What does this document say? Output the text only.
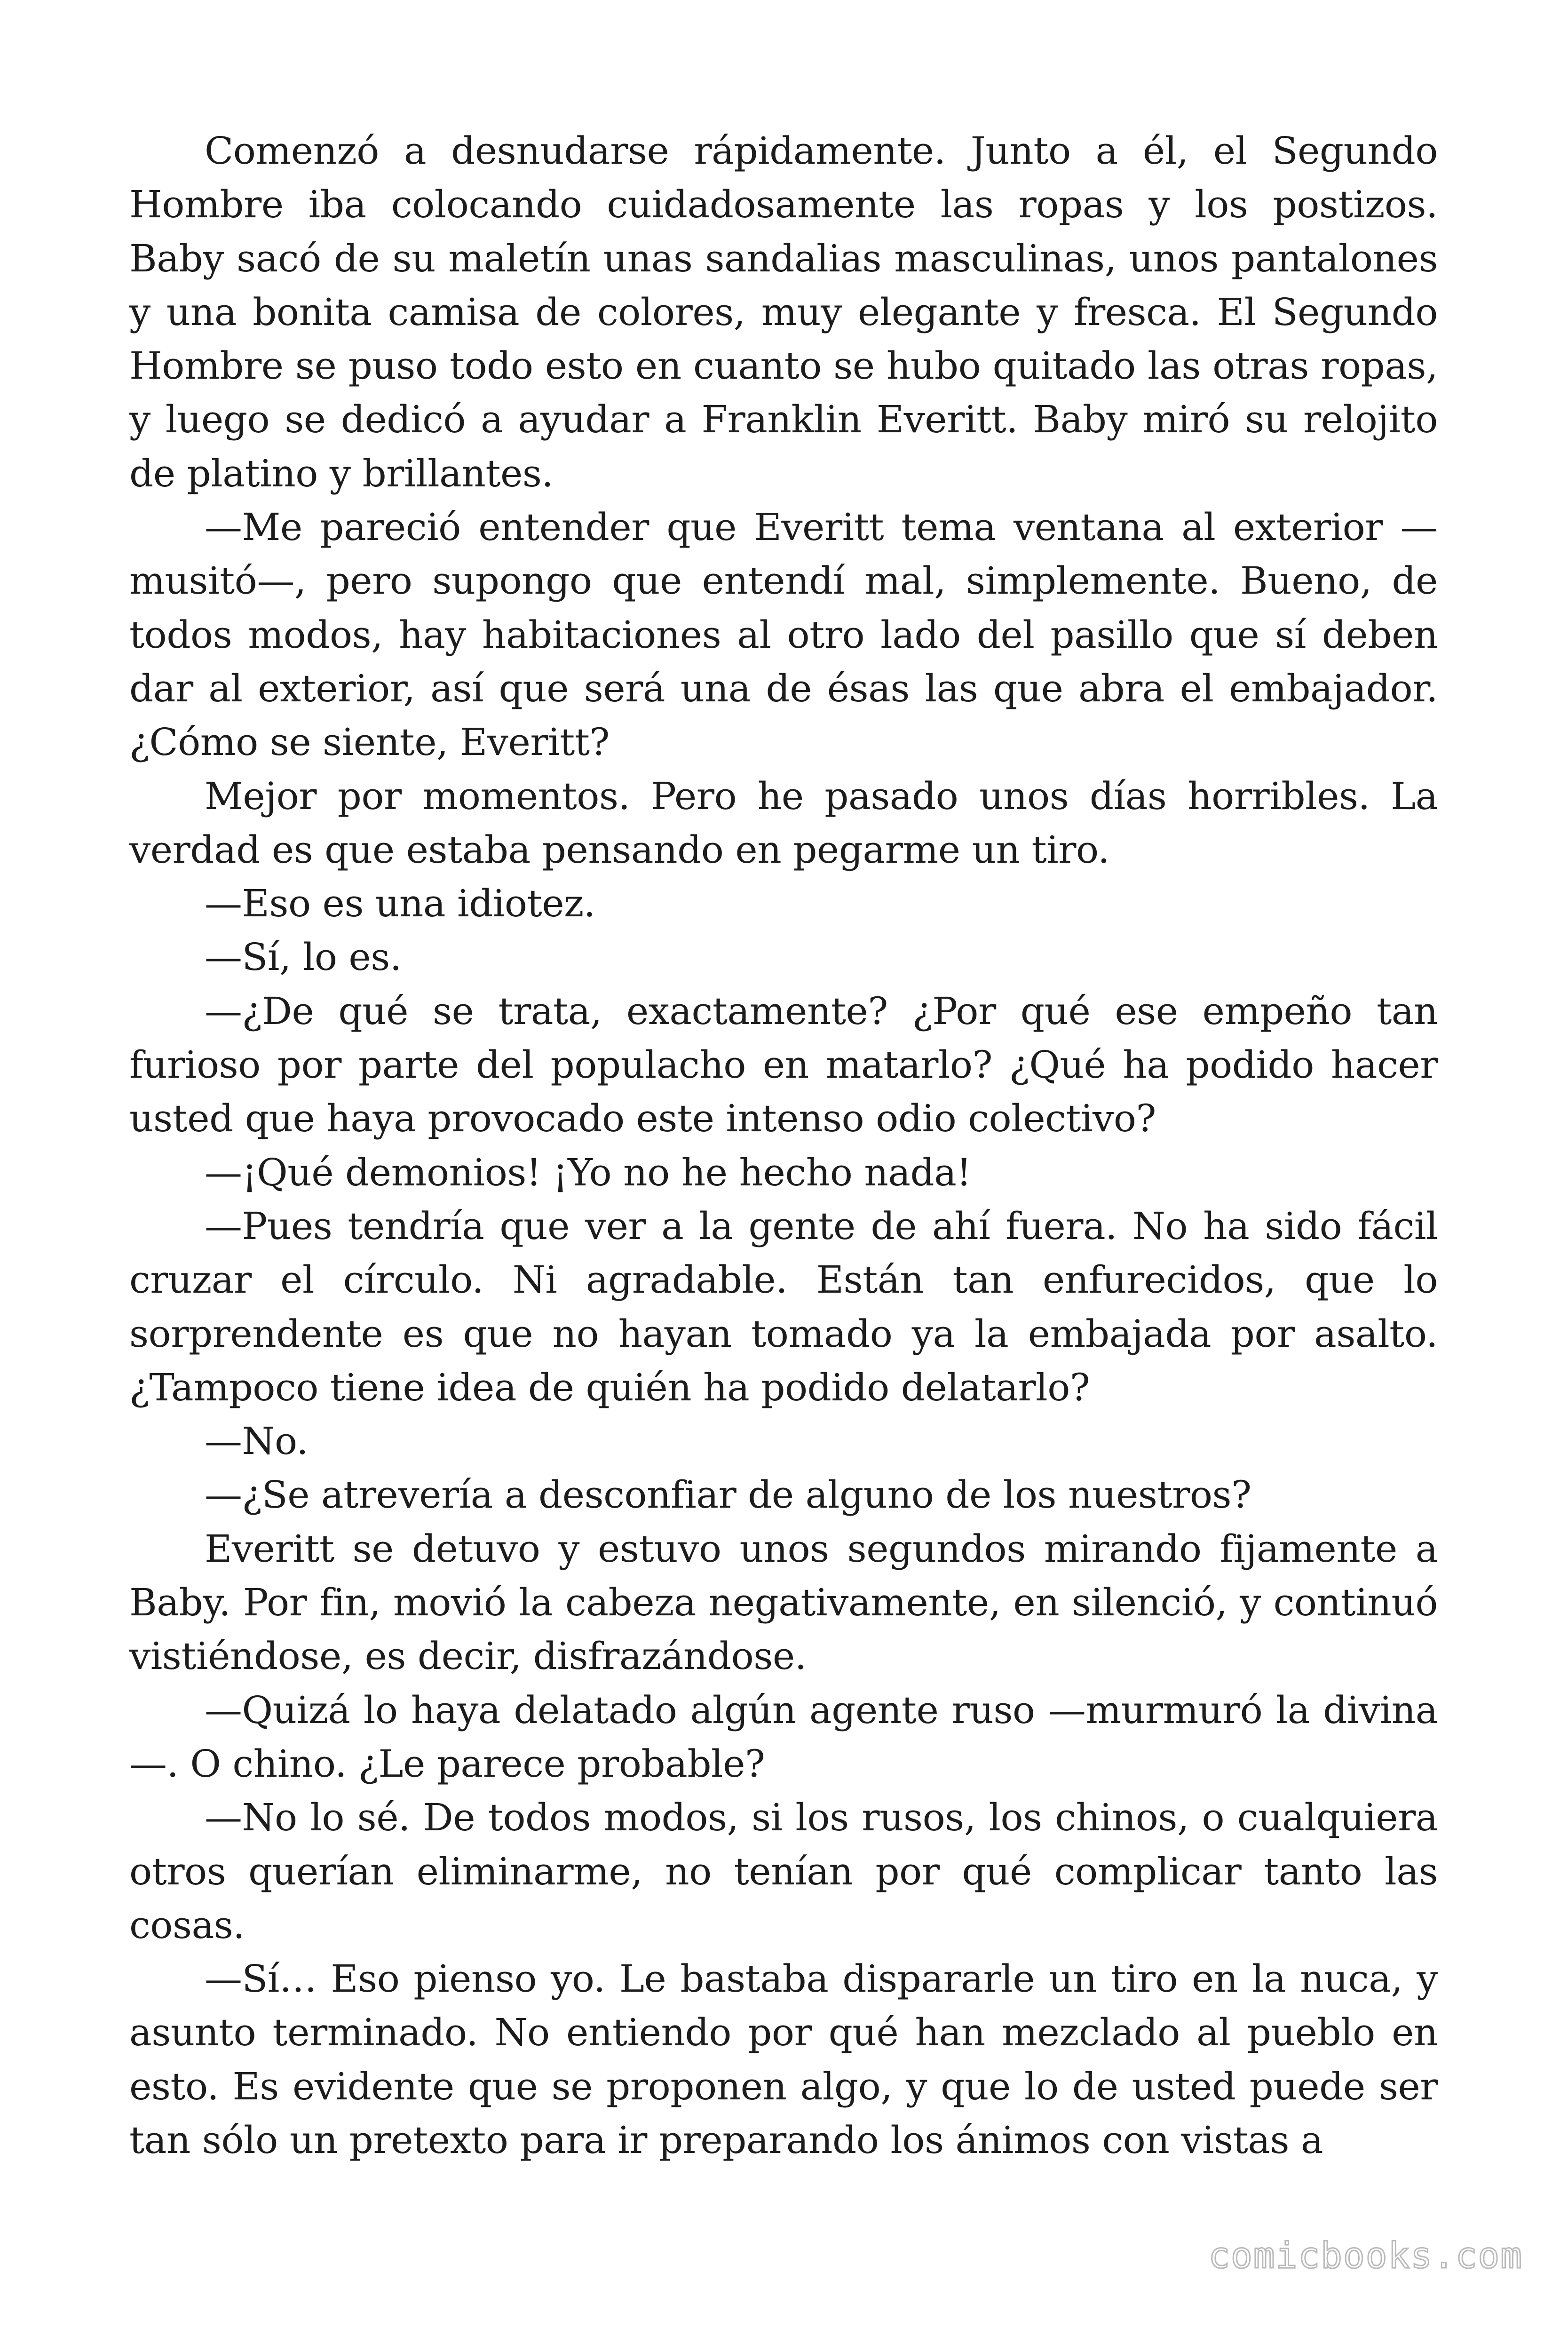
Comenzó a desnudarse rápidamente. Junto a él, el Segundo Hombre iba colocando cuidadosamente las ropas y los postizos. Baby sacó de su maletín unas sandalias masculinas, unos pantalones y una bonita camisa de colores, muy elegante y fresca. El Segundo Hombre se puso todo esto en cuanto se hubo quitado las otras ropas, y luego se dedicó a ayudar a Franklin Everitt. Baby miró su relojito de platino y brillantes.

—Me pareció entender que Everitt tema ventana al exterior —musitó—, pero supongo que entendí mal, simplemente. Bueno, de todos modos, hay habitaciones al otro lado del pasillo que sí deben dar al exterior, así que será una de ésas las que abra el embajador. ¿Cómo se siente, Everitt?

Mejor por momentos. Pero he pasado unos días horribles. La verdad es que estaba pensando en pegarme un tiro.

—Eso es una idiotez.

—Sí, lo es.

—¿De qué se trata, exactamente? ¿Por qué ese empeño tan furioso por parte del populacho en matarlo? ¿Qué ha podido hacer usted que haya provocado este intenso odio colectivo?

—¡Qué demonios! ¡Yo no he hecho nada!

—Pues tendría que ver a la gente de ahí fuera. No ha sido fácil cruzar el círculo. Ni agradable. Están tan enfurecidos, que lo sorprendente es que no hayan tomado ya la embajada por asalto. ¿Tampoco tiene idea de quién ha podido delatarlo?

—No.

—¿Se atrevería a desconfiar de alguno de los nuestros?

Everitt se detuvo y estuvo unos segundos mirando fijamente a Baby. Por fin, movió la cabeza negativamente, en silenció, y continuó vistiéndose, es decir, disfrazándose.

—Quizá lo haya delatado algún agente ruso —murmuró la divina—. O chino. ¿Le parece probable?

—No lo sé. De todos modos, si los rusos, los chinos, o cualquiera otros querían eliminarme, no tenían por qué complicar tanto las cosas.

—Sí… Eso pienso yo. Le bastaba dispararle un tiro en la nuca, y asunto terminado. No entiendo por qué han mezclado al pueblo en esto. Es evidente que se proponen algo, y que lo de usted puede ser tan sólo un pretexto para ir preparando los ánimos con vistas a

comicbooks.com
